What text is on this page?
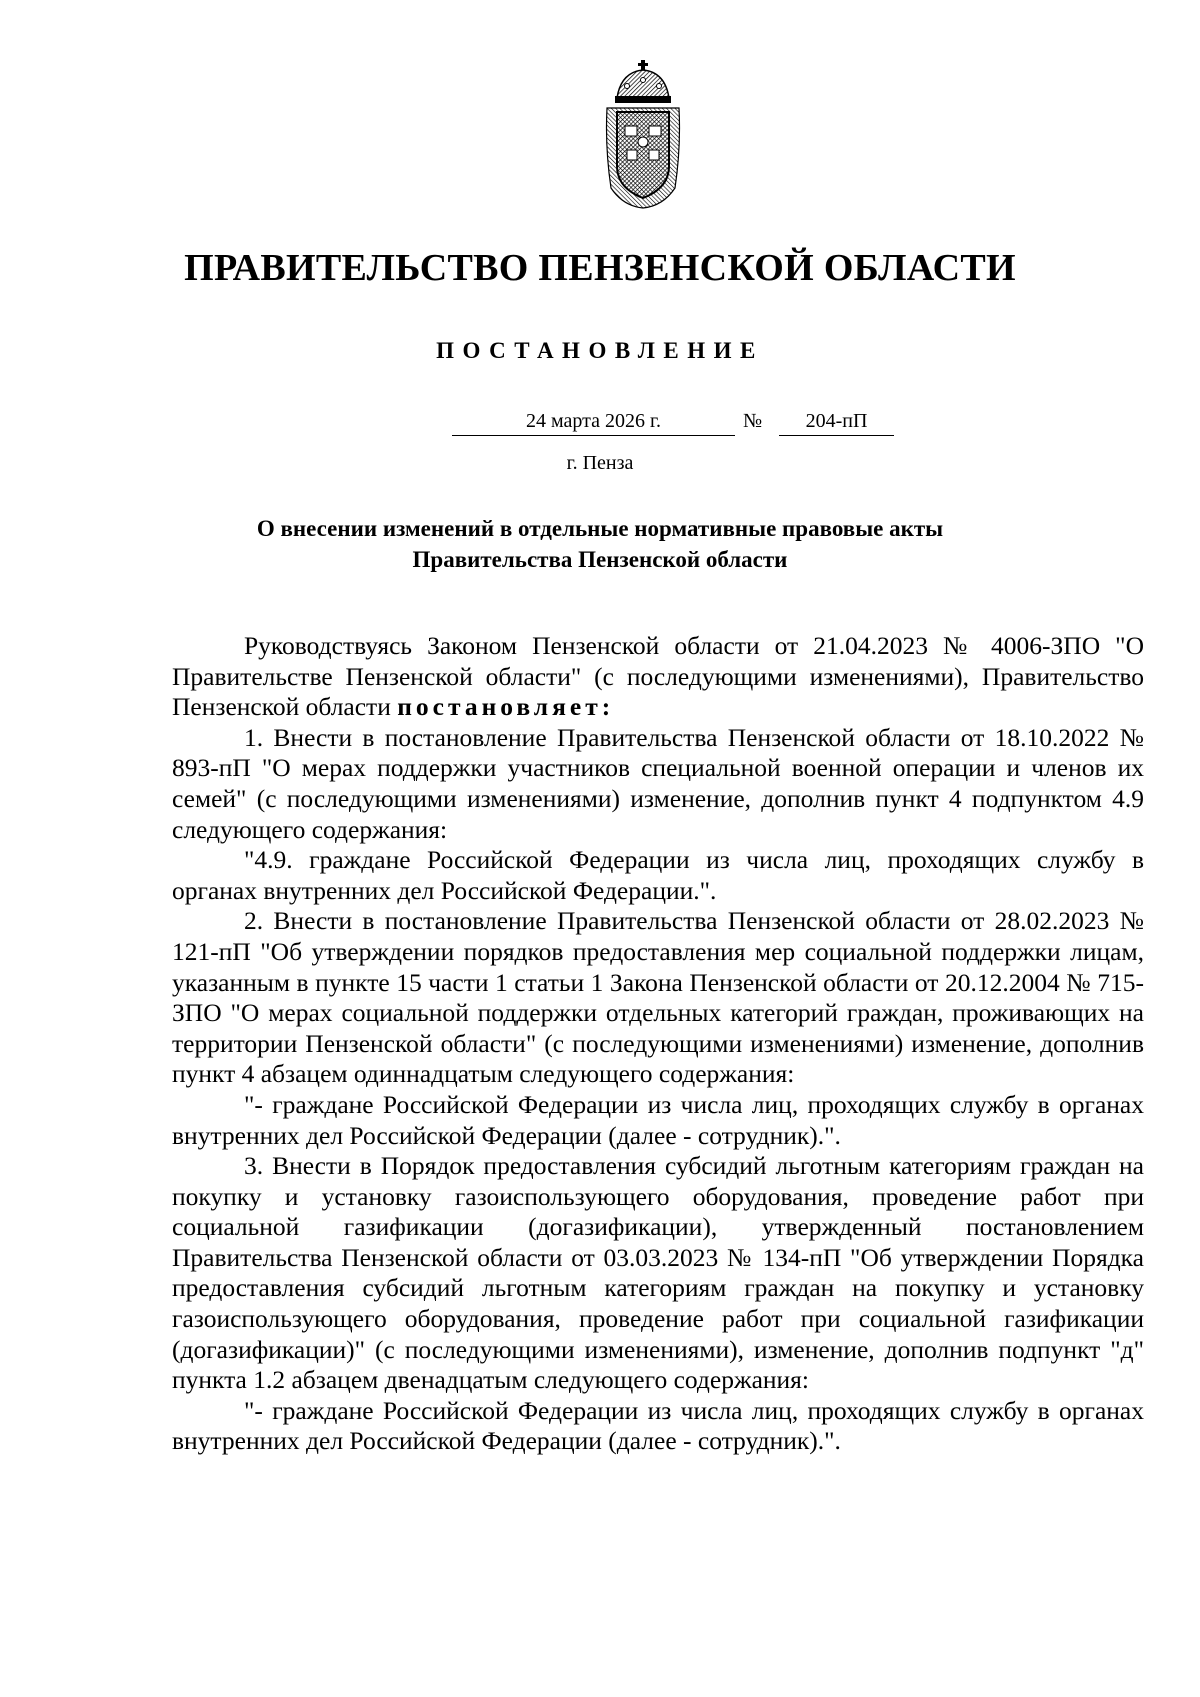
ПРАВИТЕЛЬСТВО ПЕНЗЕНСКОЙ ОБЛАСТИ
ПОСТАНОВЛЕНИЕ
24 марта 2026 г.	№	204-пП
г. Пенза
О внесении изменений в отдельные нормативные правовые акты
Правительства Пензенской области

Руководствуясь Законом Пензенской области от 21.04.2023 № 4006-ЗПО "О Правительстве Пензенской области" (с последующими изменениями), Правительство Пензенской области постановляет:

1. Внести в постановление Правительства Пензенской области от 18.10.2022 № 893-пП "О мерах поддержки участников специальной военной операции и членов их семей" (с последующими изменениями) изменение, дополнив пункт 4 подпунктом 4.9 следующего содержания:

"4.9. граждане Российской Федерации из числа лиц, проходящих службу в органах внутренних дел Российской Федерации.".

2. Внести в постановление Правительства Пензенской области от 28.02.2023 № 121-пП "Об утверждении порядков предоставления мер социальной поддержки лицам, указанным в пункте 15 части 1 статьи 1 Закона Пензенской области от 20.12.2004 № 715-ЗПО "О мерах социальной поддержки отдельных категорий граждан, проживающих на территории Пензенской области" (с последующими изменениями) изменение, дополнив пункт 4 абзацем одиннадцатым следующего содержания:

"- граждане Российской Федерации из числа лиц, проходящих службу в органах внутренних дел Российской Федерации (далее - сотрудник).".

3. Внести в Порядок предоставления субсидий льготным категориям граждан на покупку и установку газоиспользующего оборудования, проведение работ при социальной газификации (догазификации), утвержденный постановлением Правительства Пензенской области от 03.03.2023 № 134-пП "Об утверждении Порядка предоставления субсидий льготным категориям граждан на покупку и установку газоиспользующего оборудования, проведение работ при социальной газификации (догазификации)" (с последующими изменениями), изменение, дополнив подпункт "д" пункта 1.2 абзацем двенадцатым следующего содержания:

"- граждане Российской Федерации из числа лиц, проходящих службу в органах внутренних дел Российской Федерации (далее - сотрудник).".
